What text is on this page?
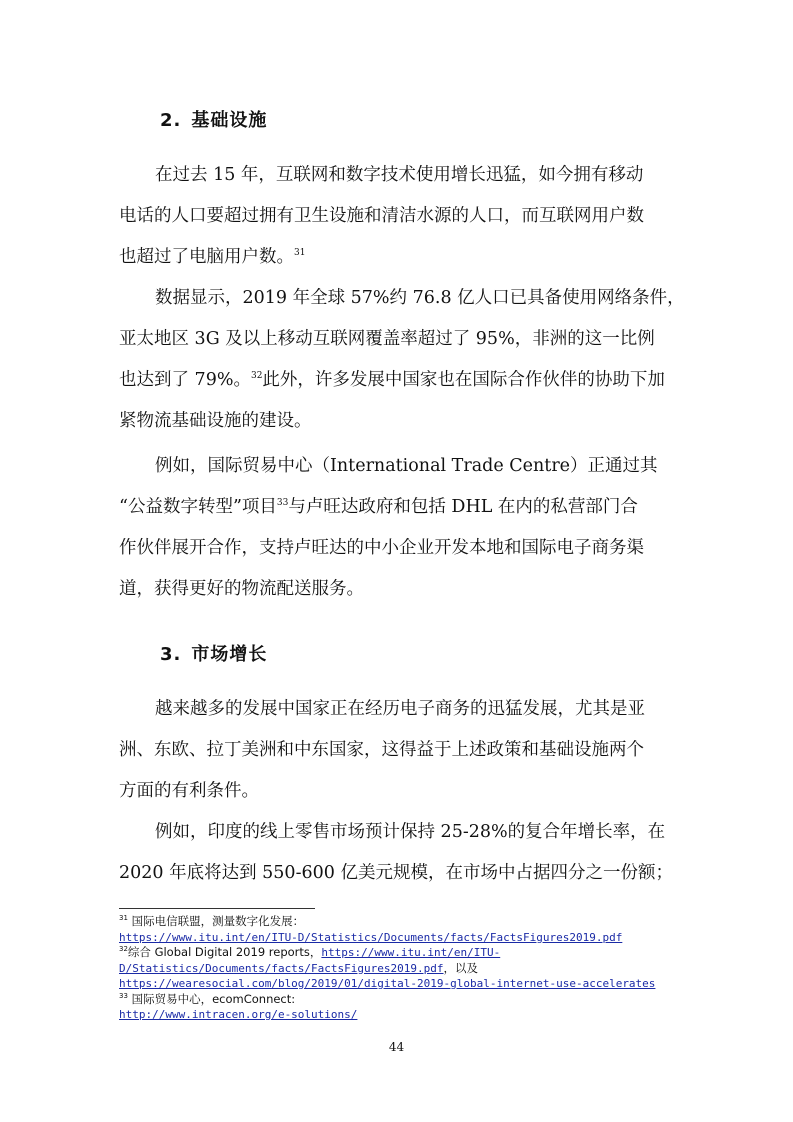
2. 基础设施
在过去 15 年，互联网和数字技术使用增长迅猛，如今拥有移动
电话的人口要超过拥有卫生设施和清洁水源的人口，而互联网用户数
也超过了电脑用户数。$^{31}$
数据显示，2019 年全球 57%约 76.8 亿人口已具备使用网络条件，
亚太地区 3G 及以上移动互联网覆盖率超过了 95%，非洲的这一比例
也达到了 79%。$^{32}$此外，许多发展中国家也在国际合作伙伴的协助下加
紧物流基础设施的建设。
例如，国际贸易中心（International Trade Centre）正通过其
“公益数字转型”项目$^{33}$与卢旺达政府和包括 DHL 在内的私营部门合
作伙伴展开合作，支持卢旺达的中小企业开发本地和国际电子商务渠
道，获得更好的物流配送服务。
3. 市场增长
越来越多的发展中国家正在经历电子商务的迅猛发展，尤其是亚
洲、东欧、拉丁美洲和中东国家，这得益于上述政策和基础设施两个
方面的有利条件。
例如，印度的线上零售市场预计保持 25-28%的复合年增长率，在
2020 年底将达到 550-600 亿美元规模，在市场中占据四分之一份额；
$^{31}$ 国际电信联盟，测量数字化发展：
https://www.itu.int/en/ITU-D/Statistics/Documents/facts/FactsFigures2019.pdf
$^{32}$综合 Global Digital 2019 reports，https://www.itu.int/en/ITU-
D/Statistics/Documents/facts/FactsFigures2019.pdf，以及
https://wearesocial.com/blog/2019/01/digital-2019-global-internet-use-accelerates
$^{33}$ 国际贸易中心，ecomConnect:
http://www.intracen.org/e-solutions/
44
